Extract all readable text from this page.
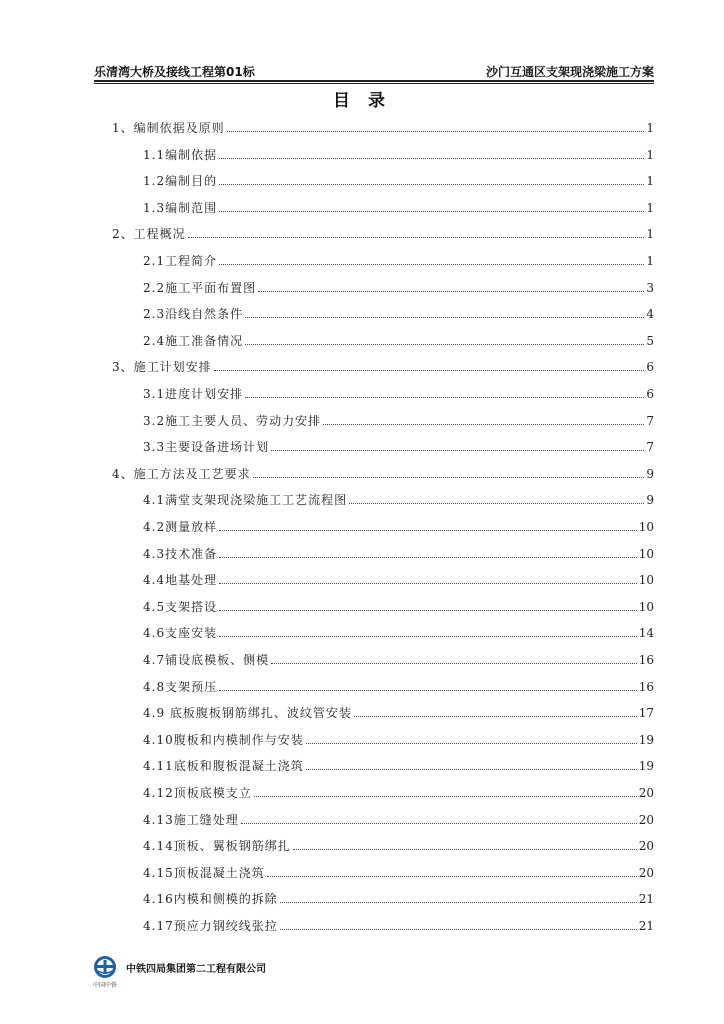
乐清湾大桥及接线工程第01标	沙门互通区支架现浇梁施工方案
目 录
1、编制依据及原则	1
1.1编制依据	1
1.2编制目的	1
1.3编制范围	1
2、工程概况	1
2.1工程简介	1
2.2施工平面布置图	3
2.3沿线自然条件	4
2.4施工准备情况	5
3、施工计划安排	6
3.1进度计划安排	6
3.2施工主要人员、劳动力安排	7
3.3主要设备进场计划	7
4、施工方法及工艺要求	9
4.1满堂支架现浇梁施工工艺流程图	9
4.2测量放样	10
4.3技术准备	10
4.4地基处理	10
4.5支架搭设	10
4.6支座安装	14
4.7铺设底模板、侧模	16
4.8支架预压	16
4.9 底板腹板钢筋绑扎、波纹管安装	17
4.10腹板和内模制作与安装	19
4.11底板和腹板混凝土浇筑	19
4.12顶板底模支立	20
4.13施工缝处理	20
4.14顶板、翼板钢筋绑扎	20
4.15顶板混凝土浇筑	20
4.16内模和侧模的拆除	21
4.17预应力钢绞线张拉	21
中国中铁
中铁四局集团第二工程有限公司
